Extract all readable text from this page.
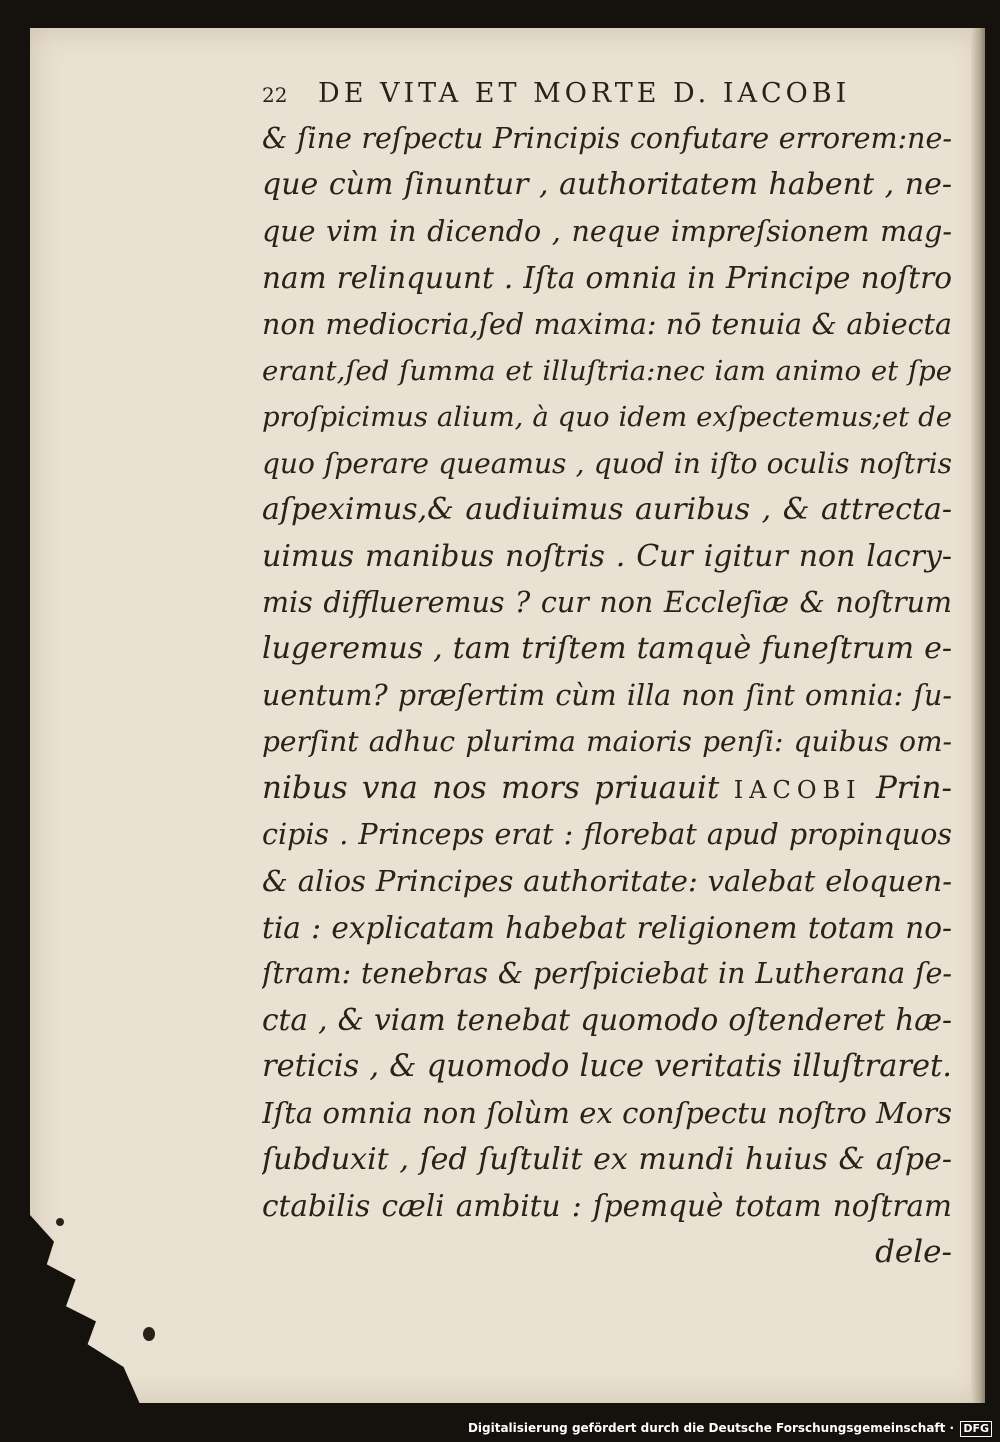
22 DE VITA ET MORTE D. IACOBI
& ſine reſpectu Principis confutare errorem:ne-
que cùm ſinuntur , authoritatem habent , ne-
que vim in dicendo , neque impreſsionem mag-
nam relinquunt . Iſta omnia in Principe noſtro
non mediocria,ſed maxima: nō tenuia & abiecta
erant,ſed ſumma et illuſtria:nec iam animo et ſpe
proſpicimus alium, à quo idem exſpectemus;et de
quo ſperare queamus , quod in iſto oculis noſtris
aſpeximus,& audiuimus auribus , & attrecta-
uimus manibus noſtris . Cur igitur non lacry-
mis difflueremus ? cur non Eccleſiæ & noſtrum
lugeremus , tam triſtem tamquè funeſtrum e-
uentum? præſertim cùm illa non ſint omnia: ſu-
perſint adhuc plurima maioris penſi: quibus om-
nibus vna nos mors priuauit IACOBI Prin-
cipis . Princeps erat : florebat apud propinquos
& alios Principes authoritate: valebat eloquen-
tia : explicatam habebat religionem totam no-
ſtram: tenebras & perſpiciebat in Lutherana ſe-
cta , & viam tenebat quomodo oſtenderet hæ-
reticis , & quomodo luce veritatis illuſtraret.
Iſta omnia non ſolùm ex conſpectu noſtro Mors
ſubduxit , ſed ſuſtulit ex mundi huius & aſpe-
ctabilis cæli ambitu : ſpemquè totam noſtram
dele-
Digitalisierung gefördert durch die Deutsche Forschungsgemeinschaft · DFG
